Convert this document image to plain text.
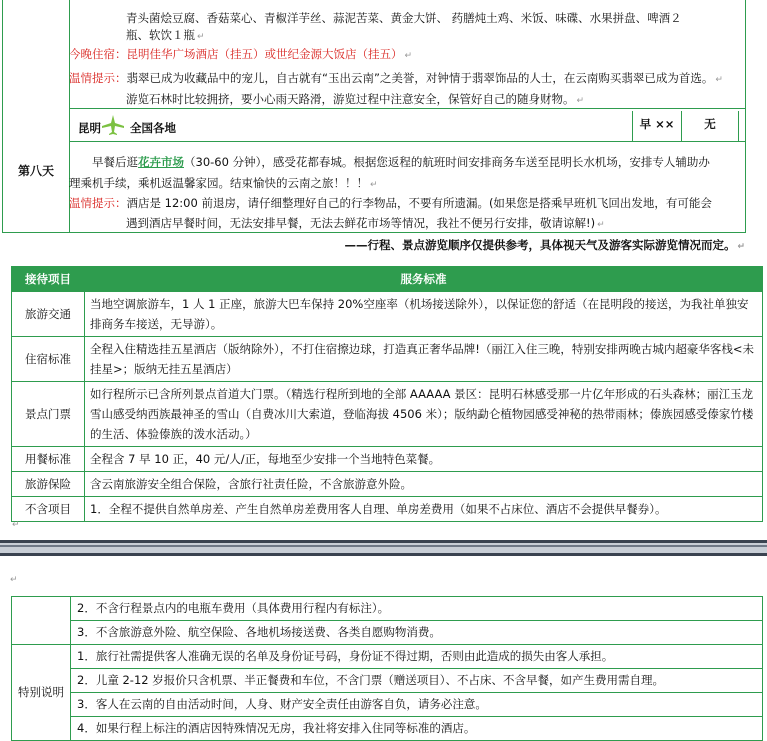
青头菌烩豆腐、香菇菜心、青椒洋芋丝、蒜泥苦菜、黄金大饼、 药膳炖土鸡、米饭、味碟、水果拼盘、啤酒２
瓶、软饮１瓶 ↵
今晚住宿：昆明佳华广场酒店（挂五）或世纪金源大饭店（挂五） ↵
温情提示：翡翠已成为收藏品中的宠儿，自古就有“玉出云南”之美誉，对钟情于翡翠饰品的人士，在云南购买翡翠已成为首选。 ↵
游览石林时比较拥挤，要小心雨天路滑，游览过程中注意安全，保管好自己的随身财物。 ↵
第八天
昆明	全国各地	早 ××	无
早餐后逛花卉市场（30-60 分钟），感受花都春城。根据您返程的航班时间安排商务车送至昆明长水机场，安排专人辅助办
理乘机手续，乘机返温馨家园。结束愉快的云南之旅！！！ ↵
温情提示：酒店是 12:00 前退房，请仔细整理好自己的行李物品，不要有所遗漏。(如果您是搭乘早班机飞回出发地，有可能会
遇到酒店早餐时间，无法安排早餐，无法去鲜花市场等情况，我社不便另行安排，敬请谅解!) ↵
——行程、景点游览顺序仅提供参考，具体视天气及游客实际游览情况而定。 ↵
接待项目	服务标准
旅游交通	当地空调旅游车，1 人 1 正座，旅游大巴车保持 20%空座率（机场接送除外），以保证您的舒适（在昆明段的接送，为我社单独安排商务车接送，无导游）。
住宿标准	全程入住精选挂五星酒店（版纳除外），不打住宿擦边球，打造真正奢华品牌!（丽江入住三晚，特别安排两晚古城内超豪华客栈<未挂星>；版纳无挂五星酒店）
景点门票	如行程所示已含所列景点首道大门票。（精选行程所到地的全部 AAAAA 景区：昆明石林感受那一片亿年形成的石头森林；丽江玉龙雪山感受纳西族最神圣的雪山（自费冰川大索道，登临海拔 4506 米）；版纳勐仑植物园感受神秘的热带雨林；傣族园感受傣家竹楼的生活、体验傣族的泼水活动。）
用餐标准	全程含 7 早 10 正，40 元/人/正，每地至少安排一个当地特色菜餐。
旅游保险	含云南旅游安全组合保险，含旅行社责任险，不含旅游意外险。
不含项目	1．全程不提供自然单房差、产生自然单房差费用客人自理、单房差费用（如果不占床位、酒店不会提供早餐券）。
↵
↵
	2．不含行程景点内的电瓶车费用（具体费用行程内有标注）。
	3．不含旅游意外险、航空保险、各地机场接送费、各类自愿购物消费。
特别说明	1．旅行社需提供客人准确无误的名单及身份证号码，身份证不得过期，否则由此造成的损失由客人承担。
	2．儿童 2-12 岁报价只含机票、半正餐费和车位，不含门票（赠送项目）、不占床、不含早餐，如产生费用需自理。
	3．客人在云南的自由活动时间，人身、财产安全责任由游客自负，请务必注意。
	4．如果行程上标注的酒店因特殊情况无房，我社将安排入住同等标准的酒店。
